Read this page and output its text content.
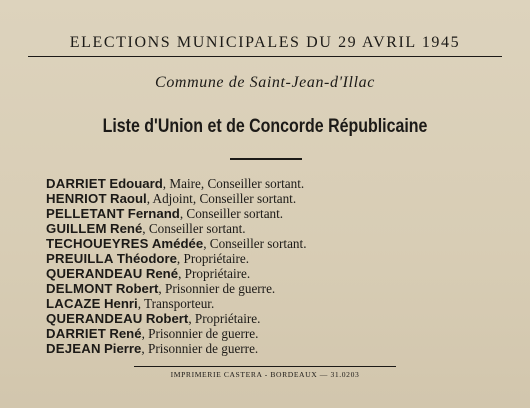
ELECTIONS MUNICIPALES DU 29 AVRIL 1945
Commune de Saint-Jean-d'Illac
Liste d'Union et de Concorde Républicaine
DARRIET Edouard, Maire, Conseiller sortant.
HENRIOT Raoul, Adjoint, Conseiller sortant.
PELLETANT Fernand, Conseiller sortant.
GUILLEM René, Conseiller sortant.
TECHOUEYRES Amédée, Conseiller sortant.
PREUILLA Théodore, Propriétaire.
QUERANDEAU René, Propriétaire.
DELMONT Robert, Prisonnier de guerre.
LACAZE Henri, Transporteur.
QUERANDEAU Robert, Propriétaire.
DARRIET René, Prisonnier de guerre.
DEJEAN Pierre, Prisonnier de guerre.
IMPRIMERIE CASTERA - BORDEAUX — 31.0203
